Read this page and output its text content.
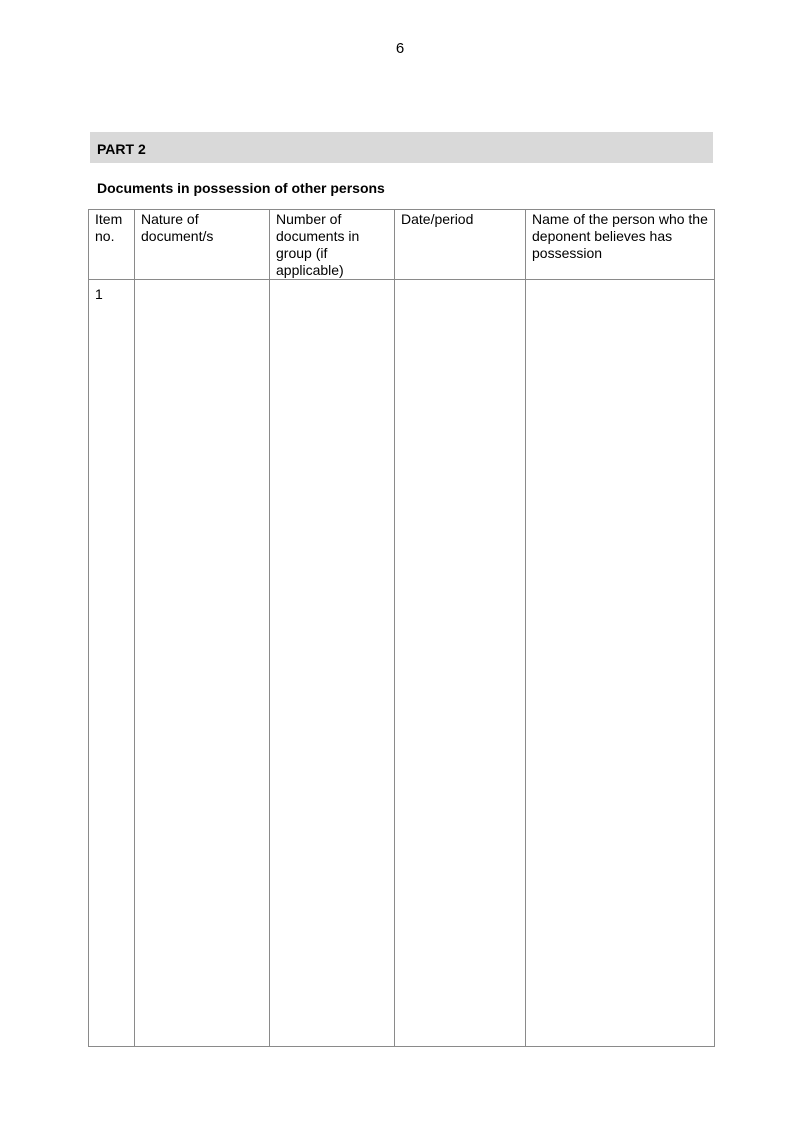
6
PART 2
Documents in possession of other persons
Item no.	Nature of document/s	Number of documents in group (if applicable)	Date/period	Name of the person who the deponent believes has possession
1				
